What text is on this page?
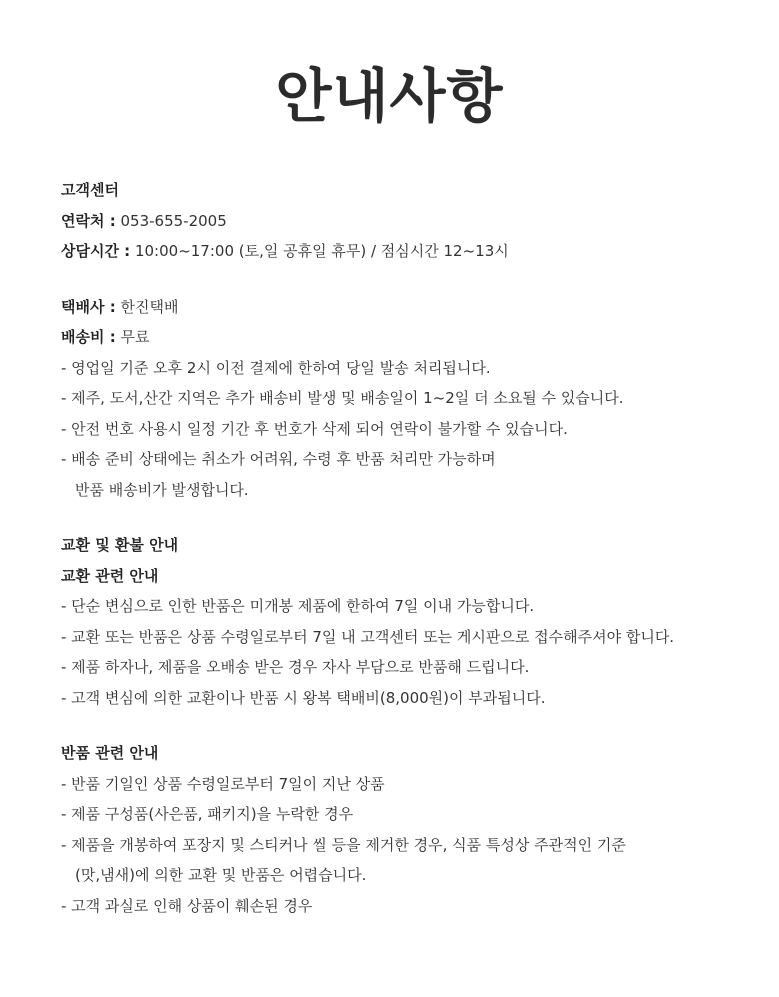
안내사항
고객센터
연락처 : 053-655-2005
상담시간 : 10:00~17:00 (토,일 공휴일 휴무) / 점심시간 12~13시
택배사 : 한진택배
배송비 : 무료
- 영업일 기준 오후 2시 이전 결제에 한하여 당일 발송 처리됩니다.
- 제주, 도서,산간 지역은 추가 배송비 발생 및 배송일이 1~2일 더 소요될 수 있습니다.
- 안전 번호 사용시 일정 기간 후 번호가 삭제 되어 연락이 불가할 수 있습니다.
- 배송 준비 상태에는 취소가 어려워, 수령 후 반품 처리만 가능하며
반품 배송비가 발생합니다.
교환 및 환불 안내
교환 관련 안내
- 단순 변심으로 인한 반품은 미개봉 제품에 한하여 7일 이내 가능합니다.
- 교환 또는 반품은 상품 수령일로부터 7일 내 고객센터 또는 게시판으로 접수해주셔야 합니다.
- 제품 하자나, 제품을 오배송 받은 경우 자사 부담으로 반품해 드립니다.
- 고객 변심에 의한 교환이나 반품 시 왕복 택배비(8,000원)이 부과됩니다.
반품 관련 안내
- 반품 기일인 상품 수령일로부터 7일이 지난 상품
- 제품 구성품(사은품, 패키지)을 누락한 경우
- 제품을 개봉하여 포장지 및 스티커나 씰 등을 제거한 경우, 식품 특성상 주관적인 기준
(맛,냄새)에 의한 교환 및 반품은 어렵습니다.
- 고객 과실로 인해 상품이 훼손된 경우
